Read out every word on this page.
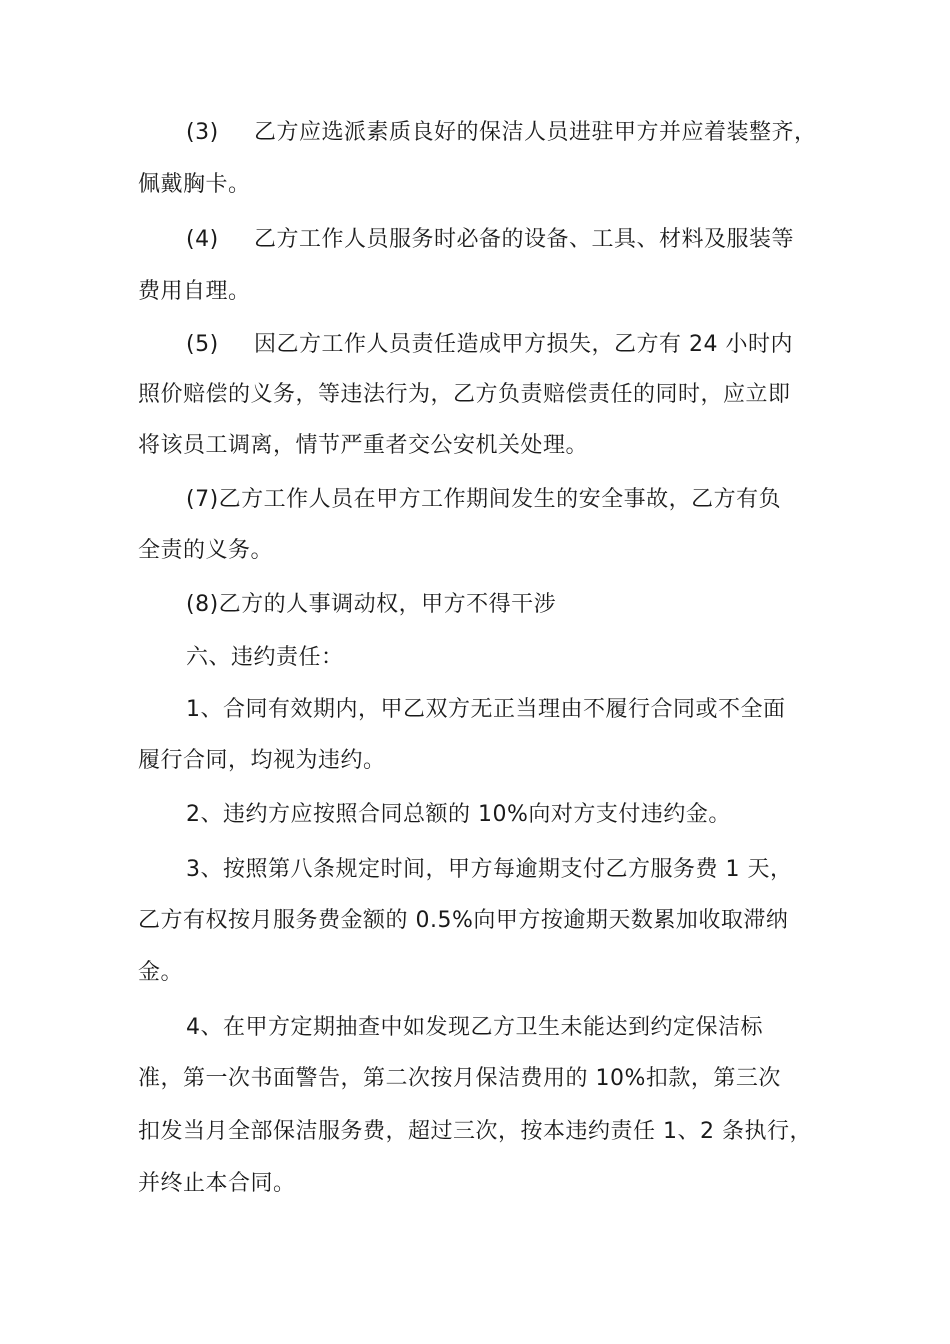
(3) 乙方应选派素质良好的保洁人员进驻甲方并应着装整齐，
佩戴胸卡。
(4) 乙方工作人员服务时必备的设备、工具、材料及服装等
费用自理。
(5) 因乙方工作人员责任造成甲方损失，乙方有 24 小时内
照价赔偿的义务，等违法行为，乙方负责赔偿责任的同时，应立即
将该员工调离，情节严重者交公安机关处理。
(7)乙方工作人员在甲方工作期间发生的安全事故，乙方有负
全责的义务。
(8)乙方的人事调动权，甲方不得干涉
六、违约责任：
1、合同有效期内，甲乙双方无正当理由不履行合同或不全面
履行合同，均视为违约。
2、违约方应按照合同总额的 10%向对方支付违约金。
3、按照第八条规定时间，甲方每逾期支付乙方服务费 1 天，
乙方有权按月服务费金额的 0.5%向甲方按逾期天数累加收取滞纳
金。
4、在甲方定期抽查中如发现乙方卫生未能达到约定保洁标
准，第一次书面警告，第二次按月保洁费用的 10%扣款，第三次
扣发当月全部保洁服务费，超过三次，按本违约责任 1、2 条执行，
并终止本合同。
